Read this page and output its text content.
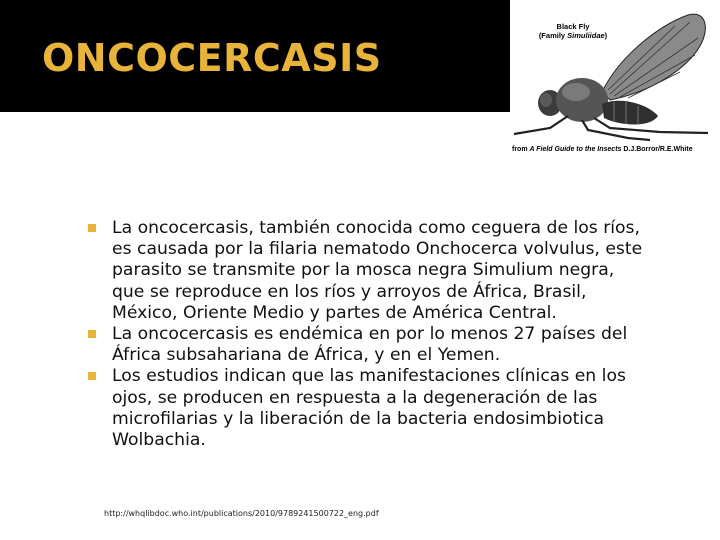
ONCOCERCASIS
Black Fly
(Family Simuliidae)
from A Field Guide to the Insects D.J.Borror/R.E.White
La oncocercasis, también conocida como ceguera de los ríos, es causada por la filaria nematodo Onchocerca volvulus, este parasito se transmite por la mosca negra Simulium negra, que se reproduce en los ríos y arroyos de África, Brasil, México, Oriente Medio y partes de América Central.
La oncocercasis es endémica en por lo menos 27 países del África subsahariana de África, y en el Yemen.
Los estudios indican que las manifestaciones clínicas en los ojos, se producen en respuesta a la degeneración de las microfilarias y la liberación de la bacteria endosimbiotica Wolbachia.
http://whqlibdoc.who.int/publications/2010/9789241500722_eng.pdf
